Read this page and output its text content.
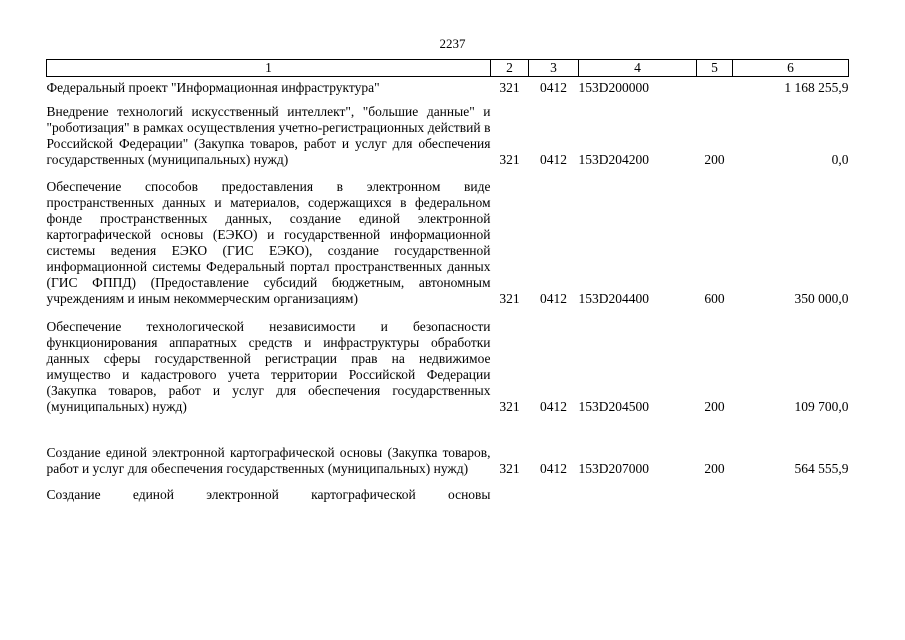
2237
1	2	3	4	5	6
Федеральный проект "Информационная инфраструктура"	321	0412	153D200000		1 168 255,9
Внедрение технологий искусственный интеллект", "большие данные" и "роботизация" в рамках осуществления учетно-регистрационных действий в Российской Федерации" (Закупка товаров, работ и услуг для обеспечения государственных (муниципальных) нужд)	321	0412	153D204200	200	0,0
Обеспечение способов предоставления в электронном виде пространственных данных и материалов, содержащихся в федеральном фонде пространственных данных, создание единой электронной картографической основы (ЕЭКО) и государственной информационной системы ведения ЕЭКО (ГИС ЕЭКО), создание государственной информационной системы Федеральный портал пространственных данных (ГИС ФППД) (Предоставление субсидий бюджетным, автономным учреждениям и иным некоммерческим организациям)	321	0412	153D204400	600	350 000,0
Обеспечение технологической независимости и безопасности функционирования аппаратных средств и инфраструктуры обработки данных сферы государственной регистрации прав на недвижимое имущество и кадастрового учета территории Российской Федерации (Закупка товаров, работ и услуг для обеспечения государственных (муниципальных) нужд)	321	0412	153D204500	200	109 700,0
Создание единой электронной картографической основы (Закупка товаров, работ и услуг для обеспечения государственных (муниципальных) нужд)	321	0412	153D207000	200	564 555,9
Создание единой электронной картографической основы					
